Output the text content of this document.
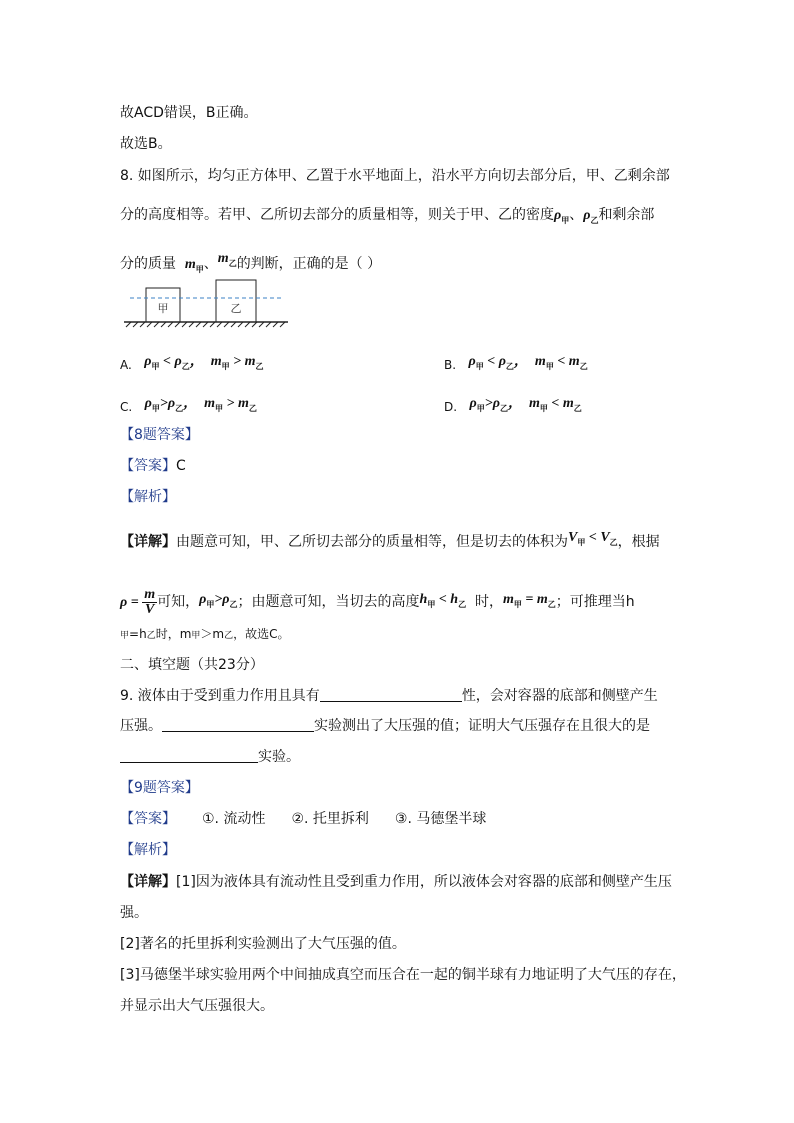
故ACD错误，B正确。
故选B。
8. 如图所示，均匀正方体甲、乙置于水平地面上，沿水平方向切去部分后，甲、乙剩余部
分的高度相等。若甲、乙所切去部分的质量相等，则关于甲、乙的密度$\rho_甲$、$\rho_乙$和剩余部
分的质量 $m_甲$、$m_乙$的判断，正确的是（ ）
甲	乙
A. $\rho_甲 < \rho_乙$， $m_甲 > m_乙$	B. $\rho_甲 < \rho_乙$， $m_甲 < m_乙$
C. $\rho_甲>\rho_乙$， $m_甲 > m_乙$	D. $\rho_甲>\rho_乙$， $m_甲 < m_乙$
【8题答案】
【答案】C
【解析】
【详解】由题意可知，甲、乙所切去部分的质量相等，但是切去的体积为$V_甲 < V_乙$，根据
$\rho = \frac{m}{V}$ 可知，$\rho_甲>\rho_乙$；由题意可知，当切去的高度$h_甲 < h_乙$ 时，$m_甲 = m_乙$；可推理当h
甲=h乙时，m甲＞m乙，故选C。
二、填空题（共23分）
9. 液体由于受到重力作用且具有	性，会对容器的底部和侧壁产生
压强。	实验测出了大压强的值；证明大气压强存在且很大的是
实验。
【9题答案】
【答案】 ①. 流动性 ②. 托里拆利 ③. 马德堡半球
【解析】
【详解】[1]因为液体具有流动性且受到重力作用，所以液体会对容器的底部和侧壁产生压
强。
[2]著名的托里拆利实验测出了大气压强的值。
[3]马德堡半球实验用两个中间抽成真空而压合在一起的铜半球有力地证明了大气压的存在，
并显示出大气压强很大。
